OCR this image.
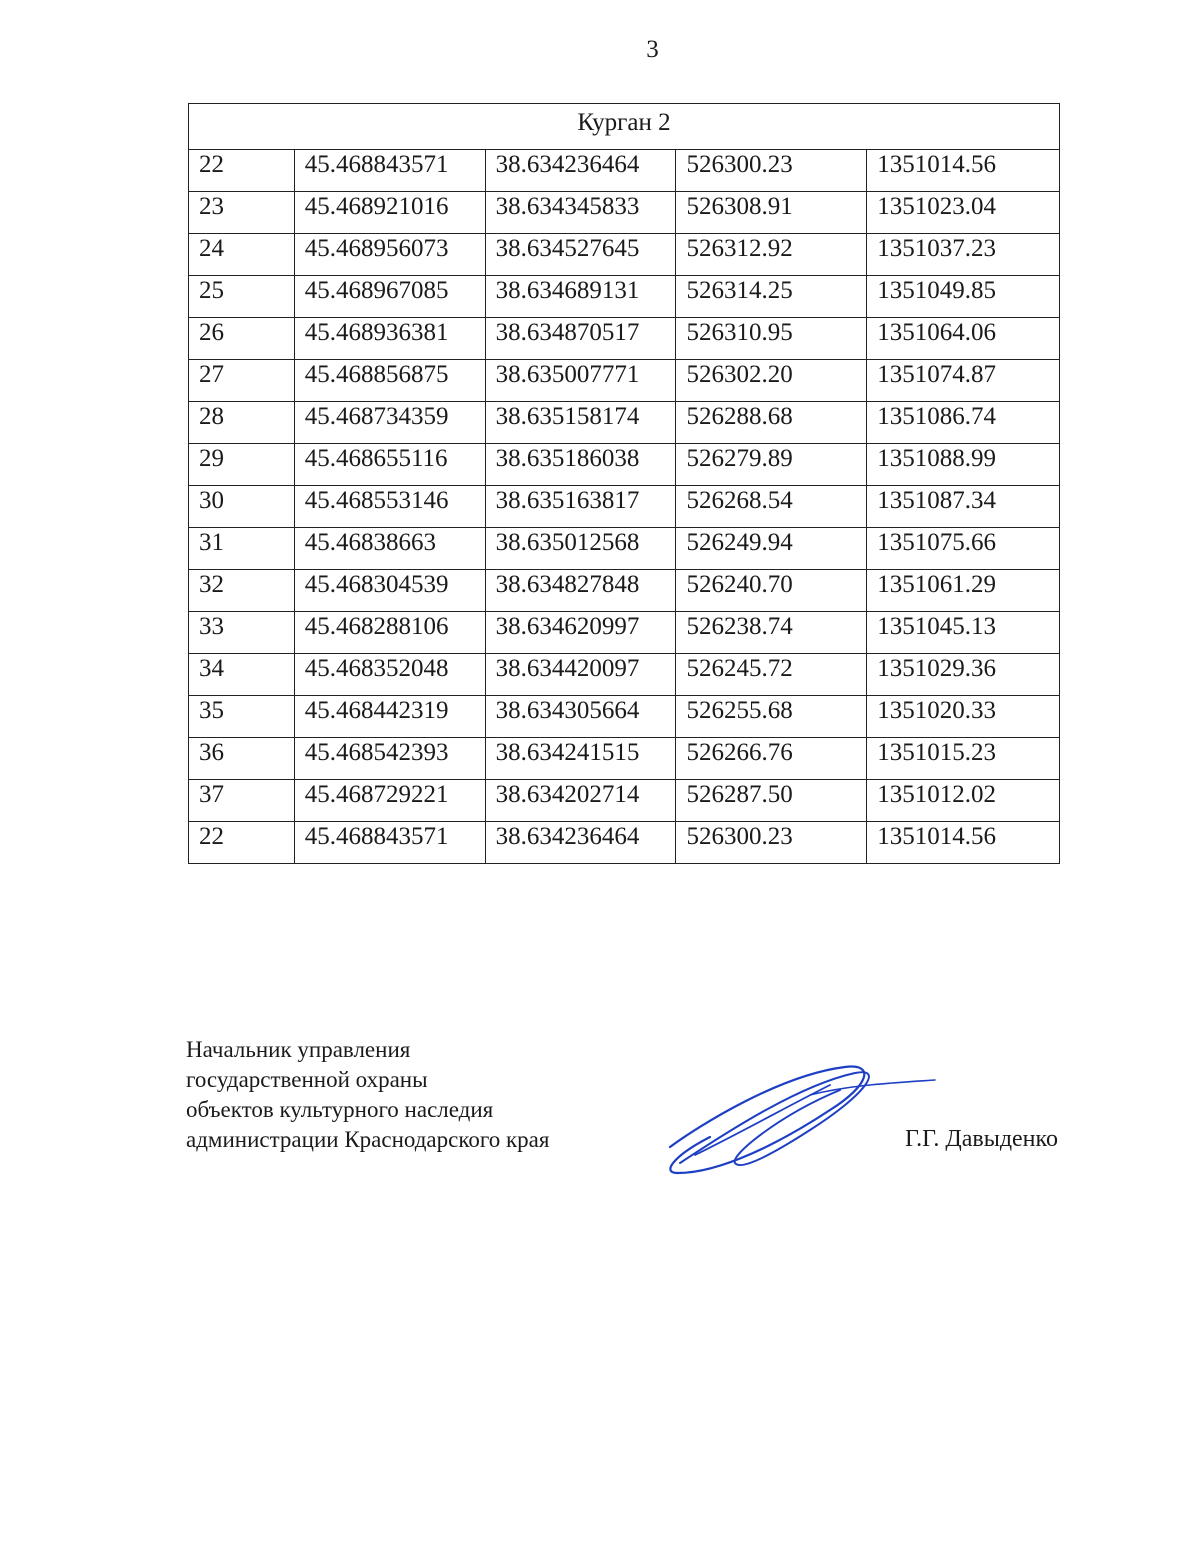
3
Курган 2				
22	45.468843571	38.634236464	526300.23	1351014.56
23	45.468921016	38.634345833	526308.91	1351023.04
24	45.468956073	38.634527645	526312.92	1351037.23
25	45.468967085	38.634689131	526314.25	1351049.85
26	45.468936381	38.634870517	526310.95	1351064.06
27	45.468856875	38.635007771	526302.20	1351074.87
28	45.468734359	38.635158174	526288.68	1351086.74
29	45.468655116	38.635186038	526279.89	1351088.99
30	45.468553146	38.635163817	526268.54	1351087.34
31	45.46838663	38.635012568	526249.94	1351075.66
32	45.468304539	38.634827848	526240.70	1351061.29
33	45.468288106	38.634620997	526238.74	1351045.13
34	45.468352048	38.634420097	526245.72	1351029.36
35	45.468442319	38.634305664	526255.68	1351020.33
36	45.468542393	38.634241515	526266.76	1351015.23
37	45.468729221	38.634202714	526287.50	1351012.02
22	45.468843571	38.634236464	526300.23	1351014.56
Начальник управления
государственной охраны
объектов культурного наследия
администрации Краснодарского края	Г.Г. Давыденко
